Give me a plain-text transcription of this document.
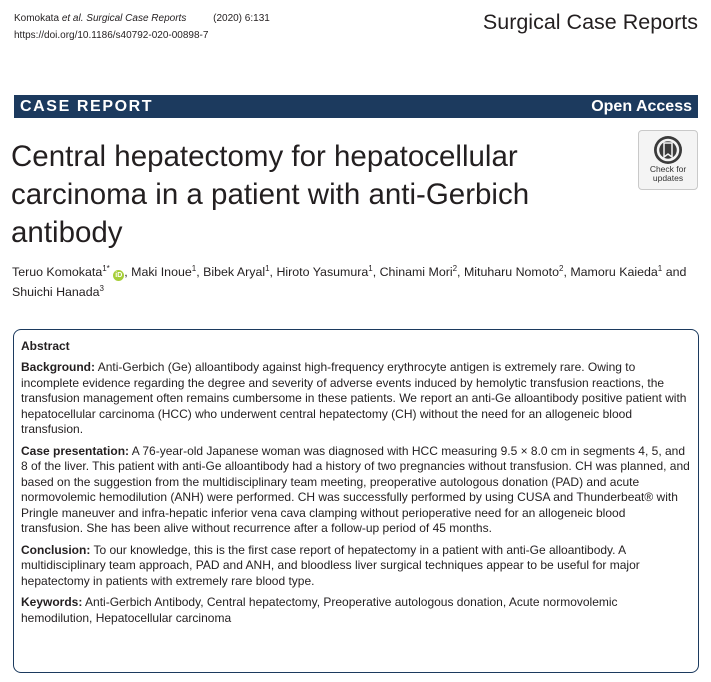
Komokata et al. Surgical Case Reports	(2020) 6:131
https://doi.org/10.1186/s40792-020-00898-7
Surgical Case Reports
CASE REPORT	Open Access
Central hepatectomy for hepatocellular carcinoma in a patient with anti-Gerbich antibody
Check for
updates
Teruo Komokata$^{1*}$ iD , Maki Inoue$^1$, Bibek Aryal$^1$, Hiroto Yasumura$^1$, Chinami Mori$^2$, Mituharu Nomoto$^2$, Mamoru Kaieda$^1$ and Shuichi Hanada$^3$
Abstract

Background: Anti-Gerbich (Ge) alloantibody against high-frequency erythrocyte antigen is extremely rare. Owing to incomplete evidence regarding the degree and severity of adverse events induced by hemolytic transfusion reactions, the transfusion management often remains cumbersome in these patients. We report an anti-Ge alloantibody positive patient with hepatocellular carcinoma (HCC) who underwent central hepatectomy (CH) without the need for an allogeneic blood transfusion.

Case presentation: A 76-year-old Japanese woman was diagnosed with HCC measuring 9.5 × 8.0 cm in segments 4, 5, and 8 of the liver. This patient with anti-Ge alloantibody had a history of two pregnancies without transfusion. CH was planned, and based on the suggestion from the multidisciplinary team meeting, preoperative autologous donation (PAD) and acute normovolemic hemodilution (ANH) were performed. CH was successfully performed by using CUSA and Thunderbeat® with Pringle maneuver and infra-hepatic inferior vena cava clamping without perioperative need for an allogeneic blood transfusion. She has been alive without recurrence after a follow-up period of 45 months.

Conclusion: To our knowledge, this is the first case report of hepatectomy in a patient with anti-Ge alloantibody. A multidisciplinary team approach, PAD and ANH, and bloodless liver surgical techniques appear to be useful for major hepatectomy in patients with extremely rare blood type.

Keywords: Anti-Gerbich Antibody, Central hepatectomy, Preoperative autologous donation, Acute normovolemic hemodilution, Hepatocellular carcinoma
